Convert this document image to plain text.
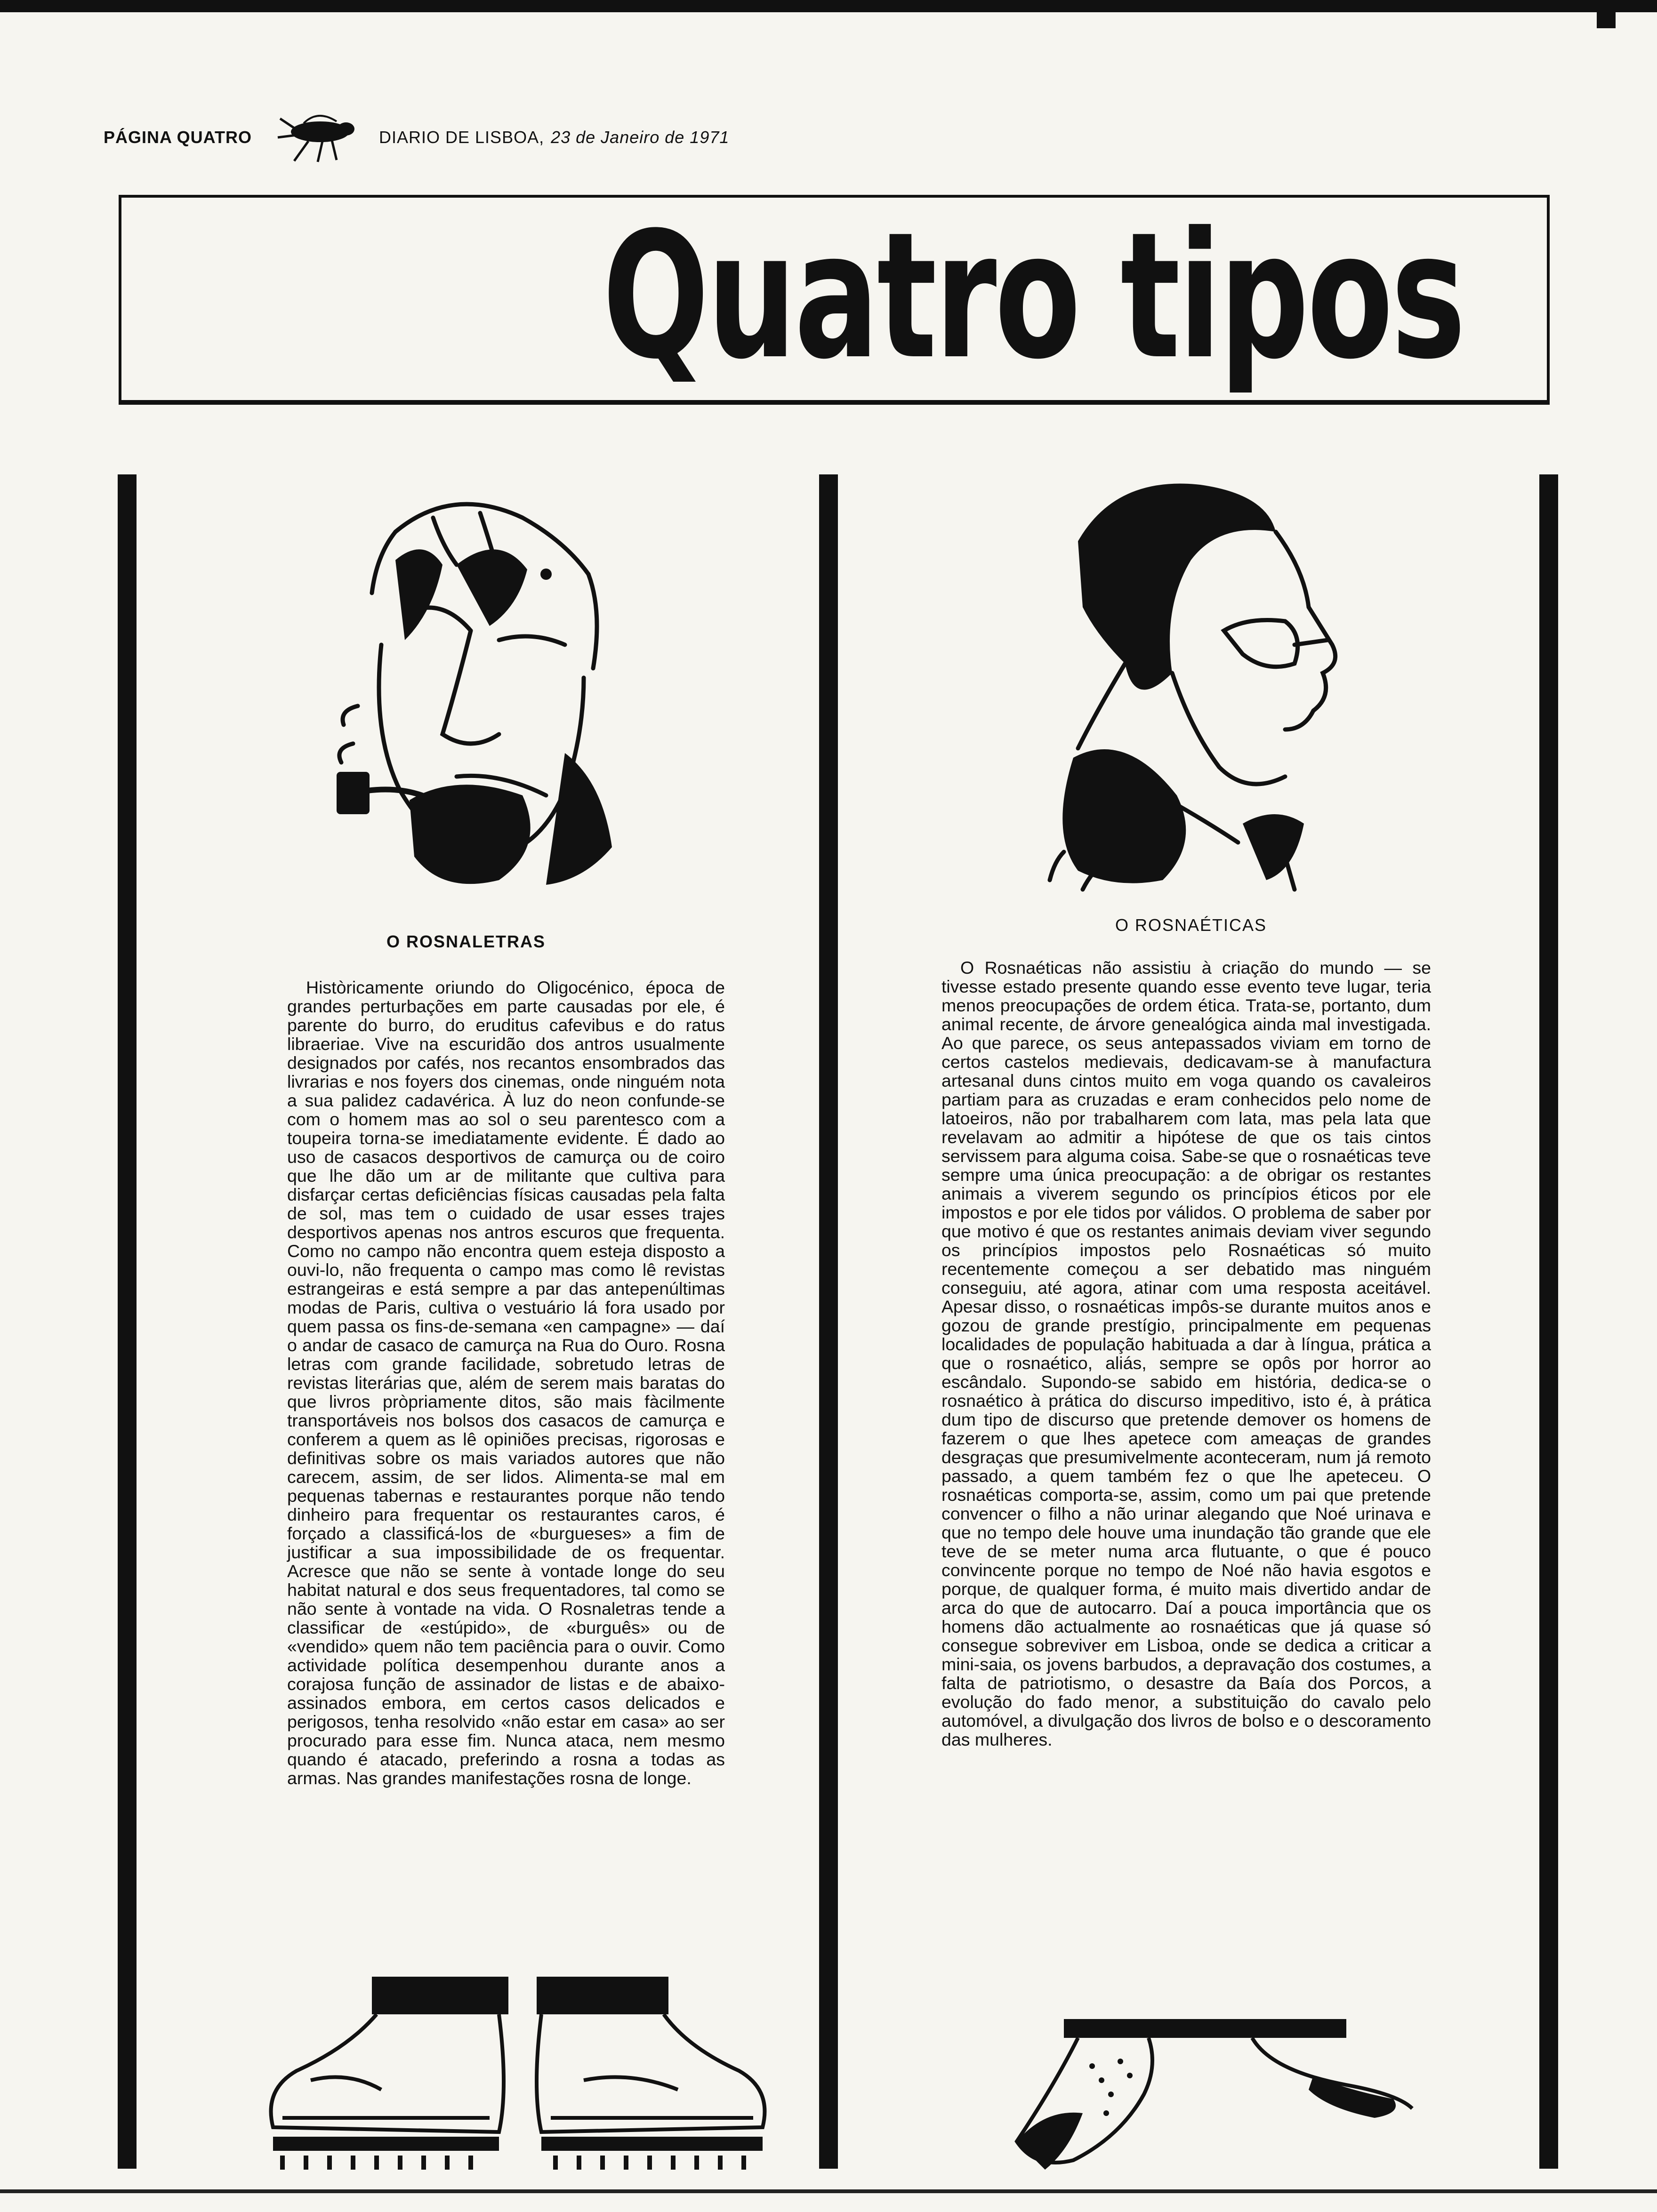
PÁGINA QUATRO	DIARIO DE LISBOA, 23 de Janeiro de 1971
Quatro tipos
O ROSNALETRAS

Històricamente oriundo do Oligocénico, época de grandes perturbações em parte causadas por ele, é parente do burro, do eruditus cafevibus e do ratus libraeriae. Vive na escuridão dos antros usualmente designados por cafés, nos recantos ensombrados das livrarias e nos foyers dos cinemas, onde ninguém nota a sua palidez cadavérica. À luz do neon confunde-se com o homem mas ao sol o seu parentesco com a toupeira torna-se imediatamente evidente. É dado ao uso de casacos desportivos de camurça ou de coiro que lhe dão um ar de militante que cultiva para disfarçar certas deficiências físicas causadas pela falta de sol, mas tem o cuidado de usar esses trajes desportivos apenas nos antros escuros que frequenta. Como no campo não encontra quem esteja disposto a ouvi-lo, não frequenta o campo mas como lê revistas estrangeiras e está sempre a par das antepenúltimas modas de Paris, cultiva o vestuário lá fora usado por quem passa os fins-de-semana «en campagne» — daí o andar de casaco de camurça na Rua do Ouro. Rosna letras com grande facilidade, sobretudo letras de revistas literárias que, além de serem mais baratas do que livros pròpriamente ditos, são mais fàcilmente transportáveis nos bolsos dos casacos de camurça e conferem a quem as lê opiniões precisas, rigorosas e definitivas sobre os mais variados autores que não carecem, assim, de ser lidos. Alimenta-se mal em pequenas tabernas e restaurantes porque não tendo dinheiro para frequentar os restaurantes caros, é forçado a classificá-los de «burgueses» a fim de justificar a sua impossibilidade de os frequentar. Acresce que não se sente à vontade longe do seu habitat natural e dos seus frequentadores, tal como se não sente à vontade na vida. O Rosnaletras tende a classificar de «estúpido», de «burguês» ou de «vendido» quem não tem paciência para o ouvir. Como actividade política desempenhou durante anos a corajosa função de assinador de listas e de abaixo-assinados embora, em certos casos delicados e perigosos, tenha resolvido «não estar em casa» ao ser procurado para esse fim. Nunca ataca, nem mesmo quando é atacado, preferindo a rosna a todas as armas. Nas grandes manifestações rosna de longe.

O ROSNAÉTICAS

O Rosnaéticas não assistiu à criação do mundo — se tivesse estado presente quando esse evento teve lugar, teria menos preocupações de ordem ética. Trata-se, portanto, dum animal recente, de árvore genealógica ainda mal investigada. Ao que parece, os seus antepassados viviam em torno de certos castelos medievais, dedicavam-se à manufactura artesanal duns cintos muito em voga quando os cavaleiros partiam para as cruzadas e eram conhecidos pelo nome de latoeiros, não por trabalharem com lata, mas pela lata que revelavam ao admitir a hipótese de que os tais cintos servissem para alguma coisa. Sabe-se que o rosnaéticas teve sempre uma única preocupação: a de obrigar os restantes animais a viverem segundo os princípios éticos por ele impostos e por ele tidos por válidos. O problema de saber por que motivo é que os restantes animais deviam viver segundo os princípios impostos pelo Rosnaéticas só muito recentemente começou a ser debatido mas ninguém conseguiu, até agora, atinar com uma resposta aceitável. Apesar disso, o rosnaéticas impôs-se durante muitos anos e gozou de grande prestígio, principalmente em pequenas localidades de população habituada a dar à língua, prática a que o rosnaético, aliás, sempre se opôs por horror ao escândalo. Supondo-se sabido em história, dedica-se o rosnaético à prática do discurso impeditivo, isto é, à prática dum tipo de discurso que pretende demover os homens de fazerem o que lhes apetece com ameaças de grandes desgraças que presumivelmente aconteceram, num já remoto passado, a quem também fez o que lhe apeteceu. O rosnaéticas comporta-se, assim, como um pai que pretende convencer o filho a não urinar alegando que Noé urinava e que no tempo dele houve uma inundação tão grande que ele teve de se meter numa arca flutuante, o que é pouco convincente porque no tempo de Noé não havia esgotos e porque, de qualquer forma, é muito mais divertido andar de arca do que de autocarro. Daí a pouca importância que os homens dão actualmente ao rosnaéticas que já quase só consegue sobreviver em Lisboa, onde se dedica a criticar a mini-saia, os jovens barbudos, a depravação dos costumes, a falta de patriotismo, o desastre da Baía dos Porcos, a evolução do fado menor, a substituição do cavalo pelo automóvel, a divulgação dos livros de bolso e o descoramento das mulheres.
